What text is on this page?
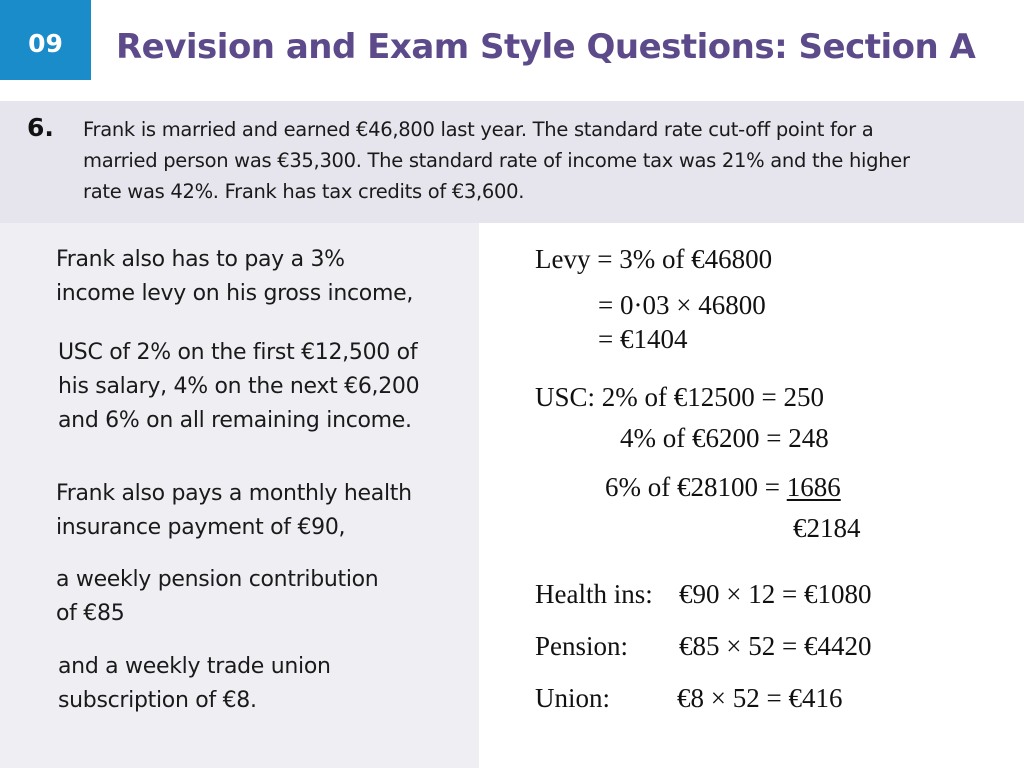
09 Revision and Exam Style Questions: Section A
6. Frank is married and earned €46,800 last year. The standard rate cut-off point for a
married person was €35,300. The standard rate of income tax was 21% and the higher
rate was 42%. Frank has tax credits of €3,600.
Frank also has to pay a 3%
income levy on his gross income,
USC of 2% on the first €12,500 of
his salary, 4% on the next €6,200
and 6% on all remaining income.
Frank also pays a monthly health
insurance payment of €90,
a weekly pension contribution
of €85
and a weekly trade union
subscription of €8.
Levy = 3% of €46800
= 0·03 × 46800
= €1404
USC: 2% of €12500 = 250
4% of €6200 = 248
6% of €28100 = 1686
€2184
Health ins: €90 × 12 = €1080
Pension: €85 × 52 = €4420
Union: €8 × 52 = €416
